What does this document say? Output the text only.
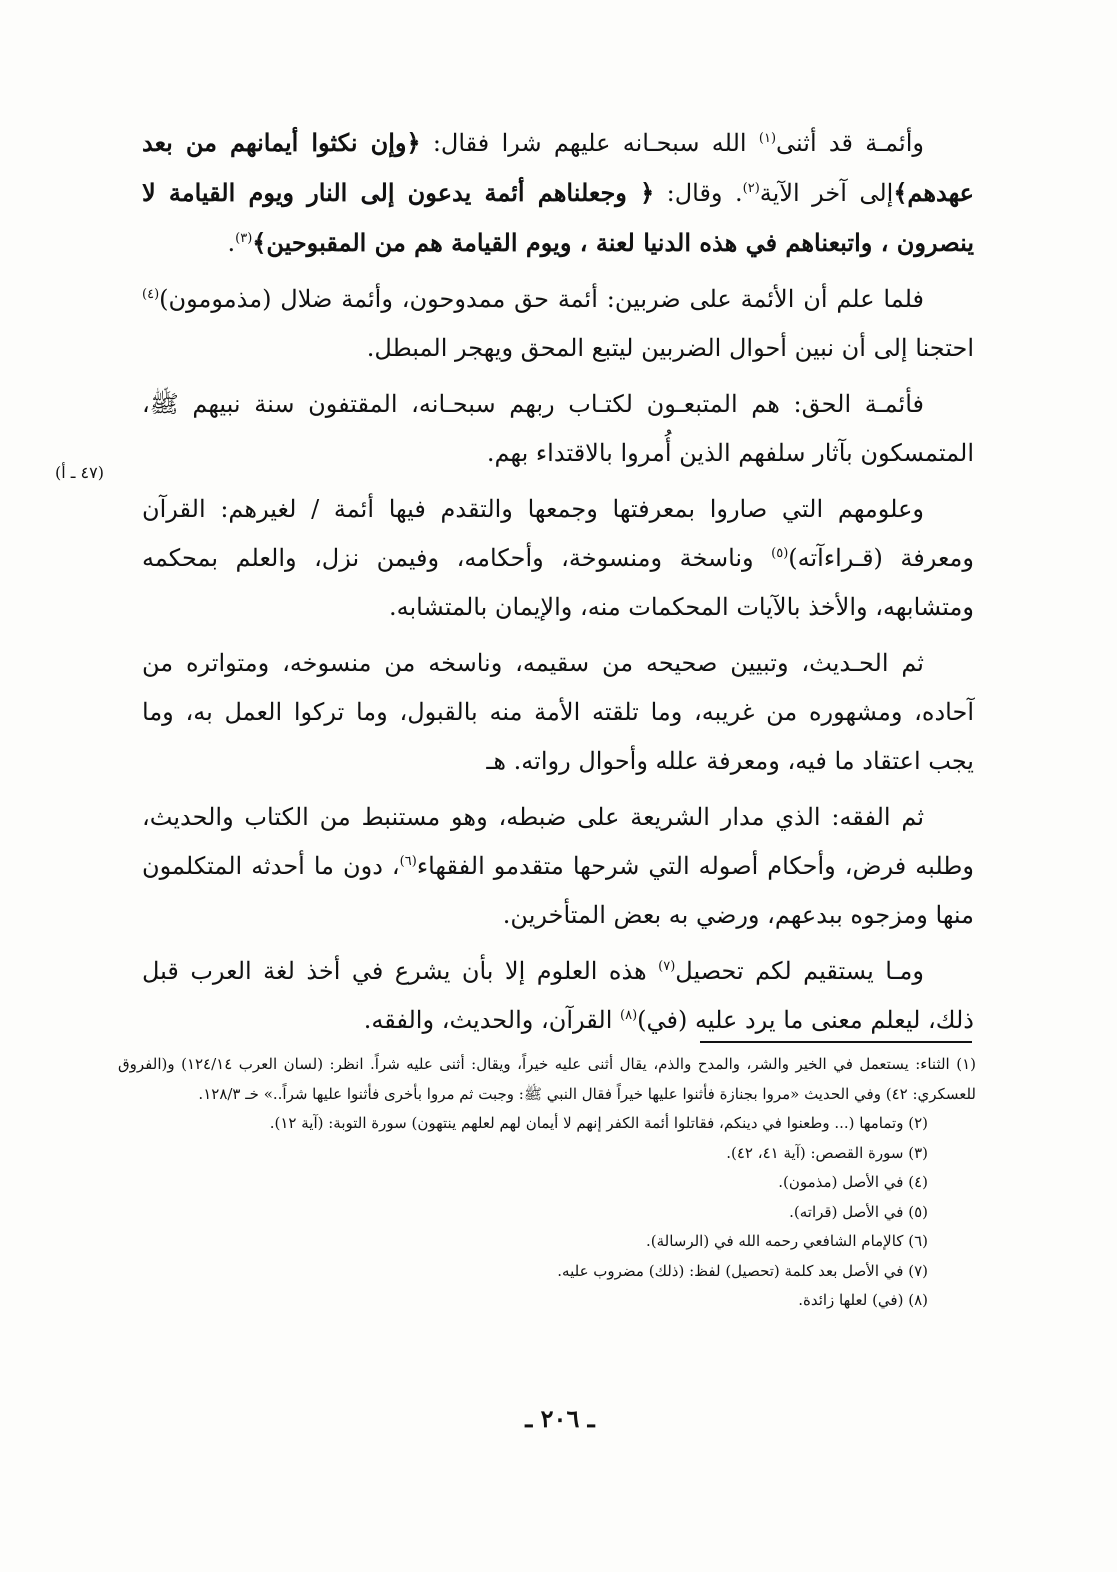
وأئمـة قد أثنى$^{(١)}$ الله سبحـانه عليهم شرا فقال: ﴿وإن نكثوا أيمانهم من بعد عهدهم﴾إلى آخر الآية$^{(٢)}$. وقال: ﴿ وجعلناهم أئمة يدعون إلى النار ويوم القيامة لا ينصرون ، واتبعناهم في هذه الدنيا لعنة ، ويوم القيامة هم من المقبوحين﴾$^{(٣)}$.

فلما علم أن الأئمة على ضربين: أئمة حق ممدوحون، وأئمة ضلال (مذمومون)$^{(٤)}$ احتجنا إلى أن نبين أحوال الضربين ليتبع المحق ويهجر المبطل.

فأئمـة الحق: هم المتبعـون لكتـاب ربهم سبحـانه، المقتفون سنة نبيهم ﷺ، المتمسكون بآثار سلفهم الذين أُمروا بالاقتداء بهم.

وعلومهم التي صاروا بمعرفتها وجمعها والتقدم فيها أئمة / لغيرهم: القرآن ومعرفة (قـراءآته)$^{(٥)}$ وناسخة ومنسوخة، وأحكامه، وفيمن نزل، والعلم بمحكمه ومتشابهه، والأخذ بالآيات المحكمات منه، والإيمان بالمتشابه.

ثم الحـديث، وتبيين صحيحه من سقيمه، وناسخه من منسوخه، ومتواتره من آحاده، ومشهوره من غريبه، وما تلقته الأمة منه بالقبول، وما تركوا العمل به، وما يجب اعتقاد ما فيه، ومعرفة علله وأحوال رواته. هـ

ثم الفقه: الذي مدار الشريعة على ضبطه، وهو مستنبط من الكتاب والحديث، وطلبه فرض، وأحكام أصوله التي شرحها متقدمو الفقهاء$^{(٦)}$، دون ما أحدثه المتكلمون منها ومزجوه ببدعهم، ورضي به بعض المتأخرين.

ومـا يستقيم لكم تحصيل$^{(٧)}$ هذه العلوم إلا بأن يشرع في أخذ لغة العرب قبل ذلك، ليعلم معنى ما يرد عليه (في)$^{(٨)}$ القرآن، والحديث، والفقه.

(٤٧ ـ أ)

(١) الثناء: يستعمل في الخير والشر، والمدح والذم، يقال أثنى عليه خيراً، ويقال: أثنى عليه شراً. انظر: (لسان العرب ١٢٤/١٤) و(الفروق للعسكري: ٤٢) وفي الحديث «مروا بجنازة فأثنوا عليها خيراً فقال النبي ﷺ: وجبت ثم مروا بأخرى فأثنوا عليها شراً..» خـ ١٢٨/٣.

(٢) وتمامها (... وطعنوا في دينكم، فقاتلوا أئمة الكفر إنهم لا أيمان لهم لعلهم ينتهون) سورة التوبة: (آية ١٢).

(٣) سورة القصص: (آية ٤١، ٤٢).

(٤) في الأصل (مذمون).

(٥) في الأصل (قراته).

(٦) كالإمام الشافعي رحمه الله في (الرسالة).

(٧) في الأصل بعد كلمة (تحصيل) لفظ: (ذلك) مضروب عليه.

(٨) (في) لعلها زائدة.

ـ ٢٠٦ ـ
